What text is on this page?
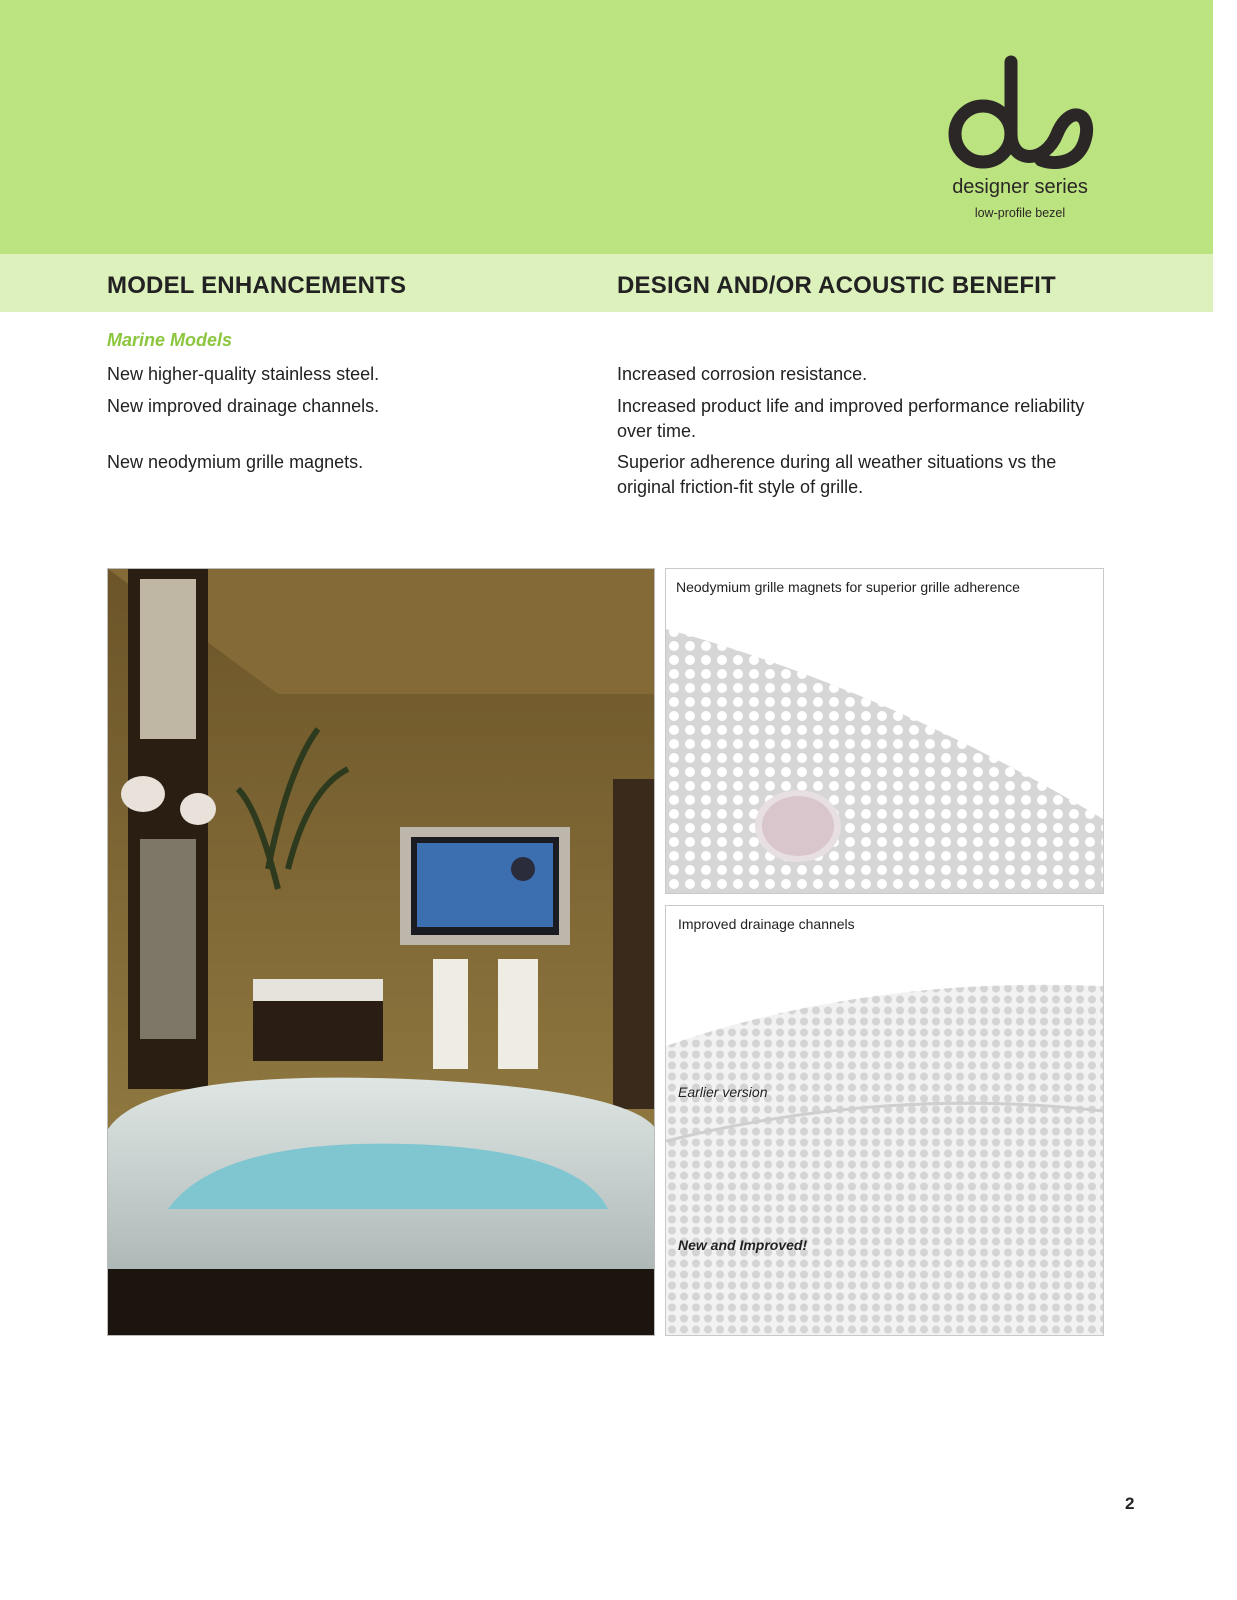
designer series
low-profile bezel
MODEL ENHANCEMENTS	DESIGN AND/OR ACOUSTIC BENEFIT
Marine Models
New higher-quality stainless steel.	Increased corrosion resistance.
New improved drainage channels.	Increased product life and improved performance reliability over time.
New neodymium grille magnets.	Superior adherence during all weather situations vs the original friction-fit style of grille.
Neodymium grille magnets for superior grille adherence
Improved drainage channels
Earlier version
New and Improved!
2
